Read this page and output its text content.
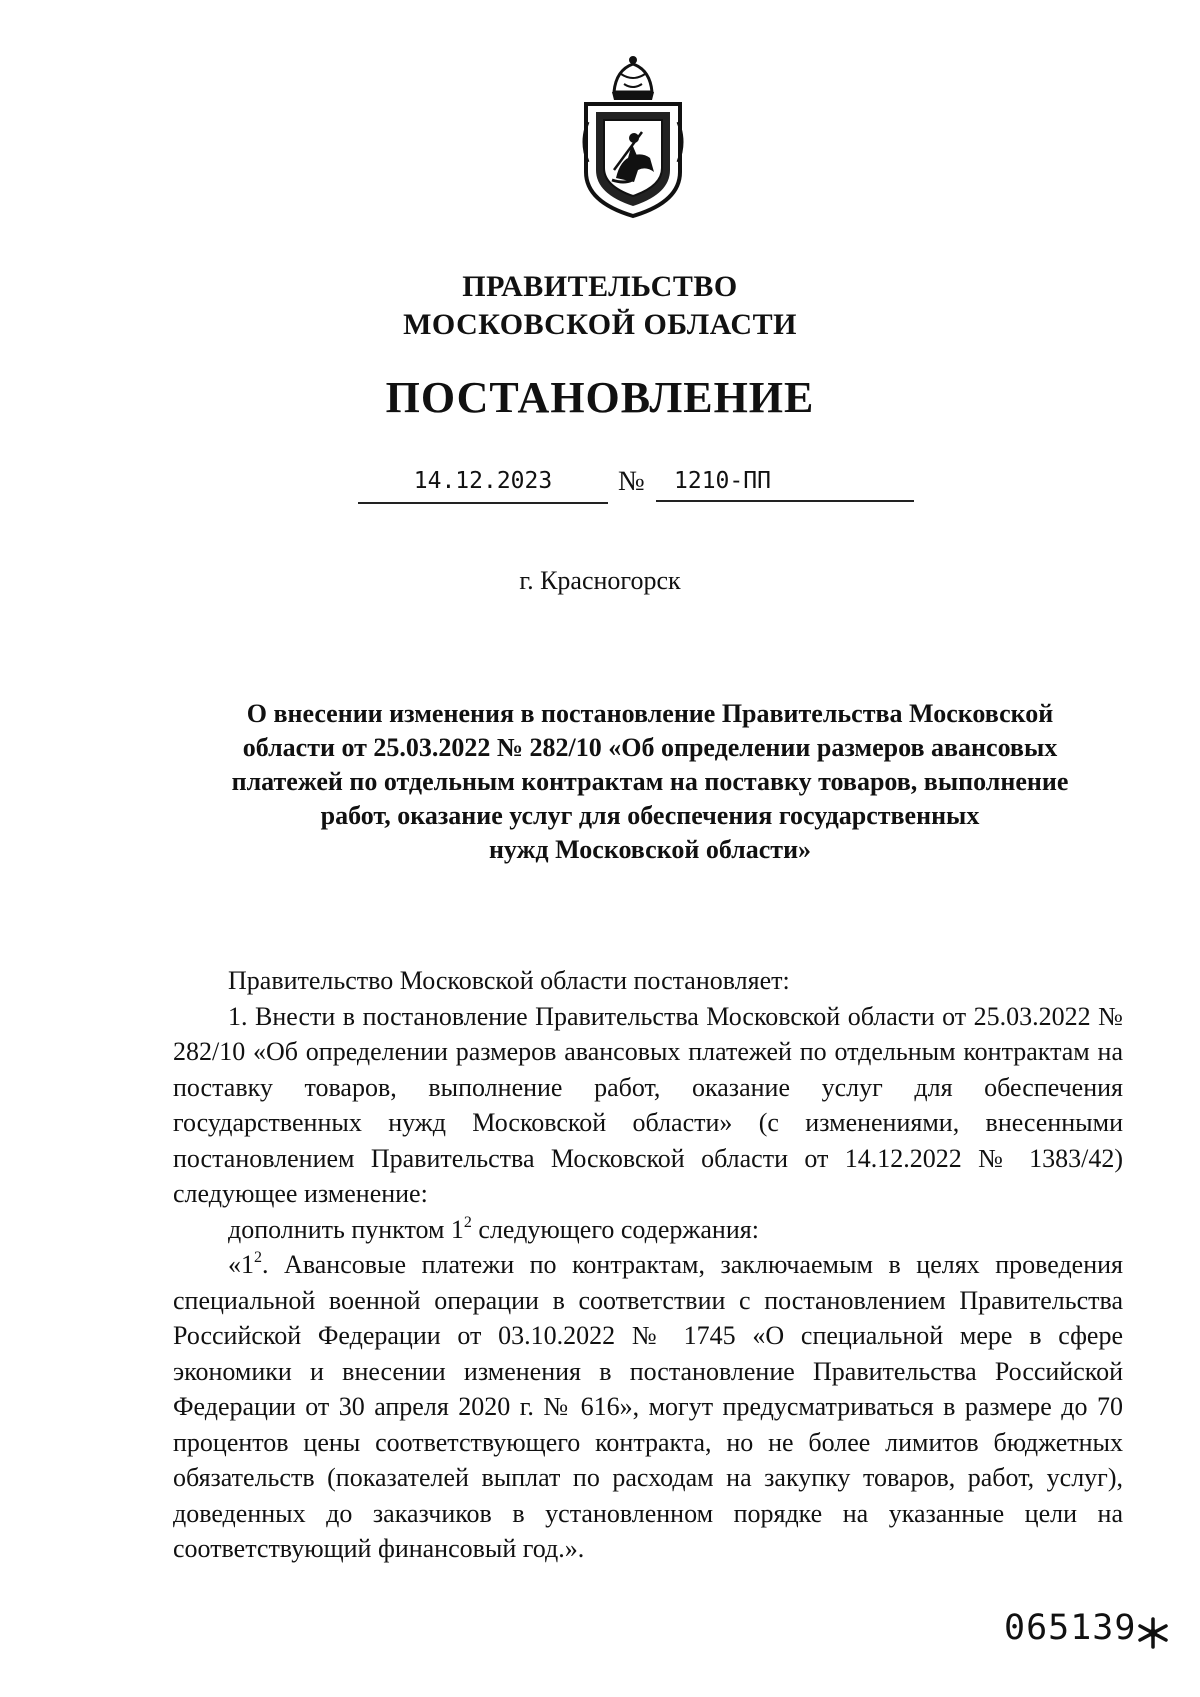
ПРАВИТЕЛЬСТВО
МОСКОВСКОЙ ОБЛАСТИ
ПОСТАНОВЛЕНИЕ
14.12.2023	№	1210-ПП
г. Красногорск
О внесении изменения в постановление Правительства Московской
области от 25.03.2022 № 282/10 «Об определении размеров авансовых
платежей по отдельным контрактам на поставку товаров, выполнение
работ, оказание услуг для обеспечения государственных
нужд Московской области»

Правительство Московской области постановляет:

1. Внести в постановление Правительства Московской области от 25.03.2022 № 282/10 «Об определении размеров авансовых платежей по отдельным контрактам на поставку товаров, выполнение работ, оказание услуг для обеспечения государственных нужд Московской области» (с изменениями, внесенными постановлением Правительства Московской области от 14.12.2022 № 1383/42) следующее изменение:

дополнить пунктом $1^2$ следующего содержания:

«$1^2$. Авансовые платежи по контрактам, заключаемым в целях проведения специальной военной операции в соответствии с постановлением Правительства Российской Федерации от 03.10.2022 № 1745 «О специальной мере в сфере экономики и внесении изменения в постановление Правительства Российской Федерации от 30 апреля 2020 г. № 616», могут предусматриваться в размере до 70 процентов цены соответствующего контракта, но не более лимитов бюджетных обязательств (показателей выплат по расходам на закупку товаров, работ, услуг), доведенных до заказчиков в установленном порядке на указанные цели на соответствующий финансовый год.».

065139
